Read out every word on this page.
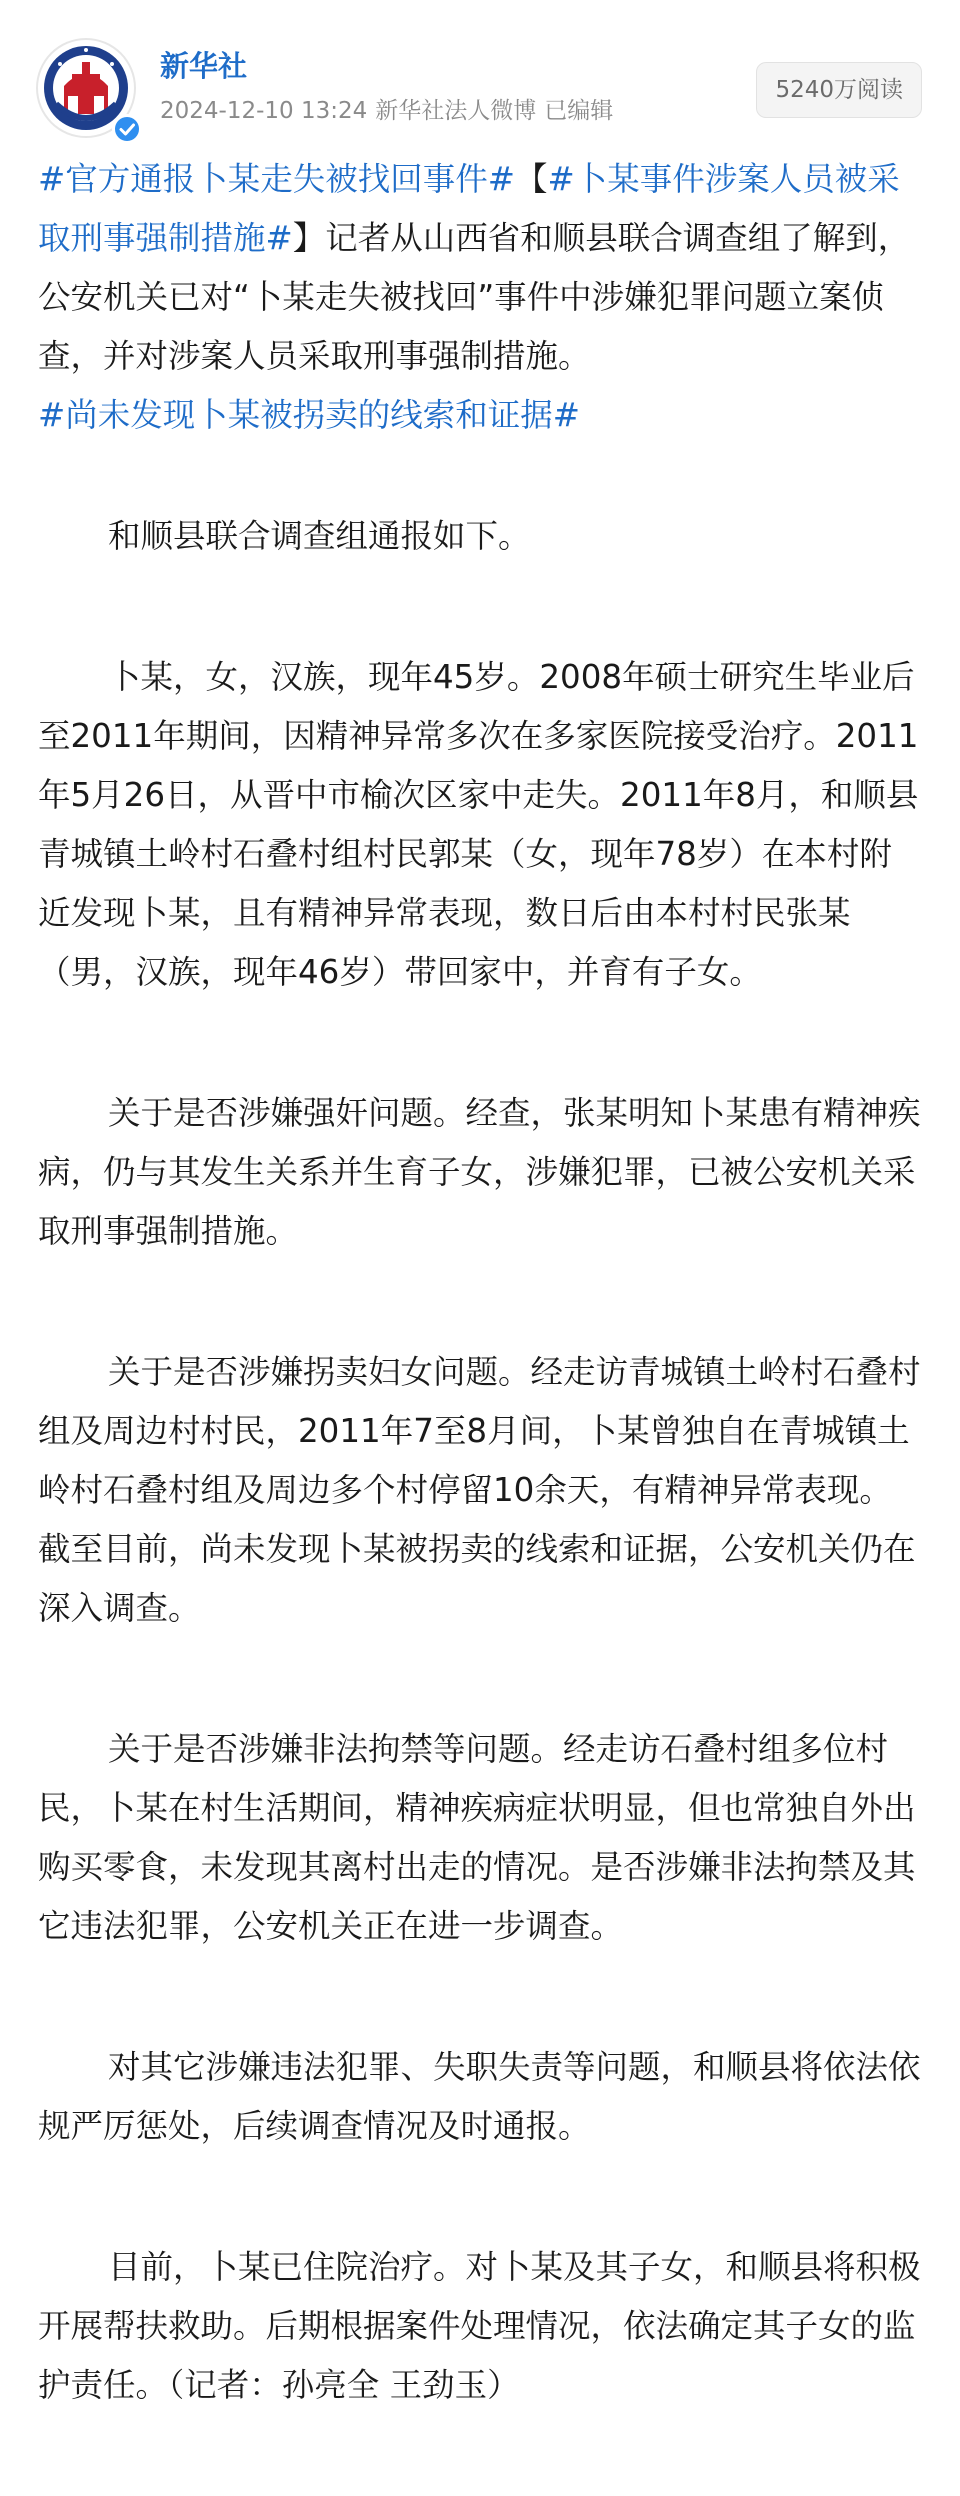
新华社
2024-12-10 13:24 新华社法人微博 已编辑
5240万阅读

#官方通报卜某走失被找回事件#【#卜某事件涉案人员被采取刑事强制措施#】记者从山西省和顺县联合调查组了解到，公安机关已对“卜某走失被找回”事件中涉嫌犯罪问题立案侦查，并对涉案人员采取刑事强制措施。
#尚未发现卜某被拐卖的线索和证据#

和顺县联合调查组通报如下。

卜某，女，汉族，现年45岁。2008年硕士研究生毕业后至2011年期间，因精神异常多次在多家医院接受治疗。2011年5月26日，从晋中市榆次区家中走失。2011年8月，和顺县青城镇土岭村石叠村组村民郭某（女，现年78岁）在本村附近发现卜某，且有精神异常表现，数日后由本村村民张某（男，汉族，现年46岁）带回家中，并育有子女。

关于是否涉嫌强奸问题。经查，张某明知卜某患有精神疾病，仍与其发生关系并生育子女，涉嫌犯罪，已被公安机关采取刑事强制措施。

关于是否涉嫌拐卖妇女问题。经走访青城镇土岭村石叠村组及周边村村民，2011年7至8月间，卜某曾独自在青城镇土岭村石叠村组及周边多个村停留10余天，有精神异常表现。截至目前，尚未发现卜某被拐卖的线索和证据，公安机关仍在深入调查。

关于是否涉嫌非法拘禁等问题。经走访石叠村组多位村民，卜某在村生活期间，精神疾病症状明显，但也常独自外出购买零食，未发现其离村出走的情况。是否涉嫌非法拘禁及其它违法犯罪，公安机关正在进一步调查。

对其它涉嫌违法犯罪、失职失责等问题，和顺县将依法依规严厉惩处，后续调查情况及时通报。

目前，卜某已住院治疗。对卜某及其子女，和顺县将积极开展帮扶救助。后期根据案件处理情况，依法确定其子女的监护责任。（记者：孙亮全 王劲玉）
